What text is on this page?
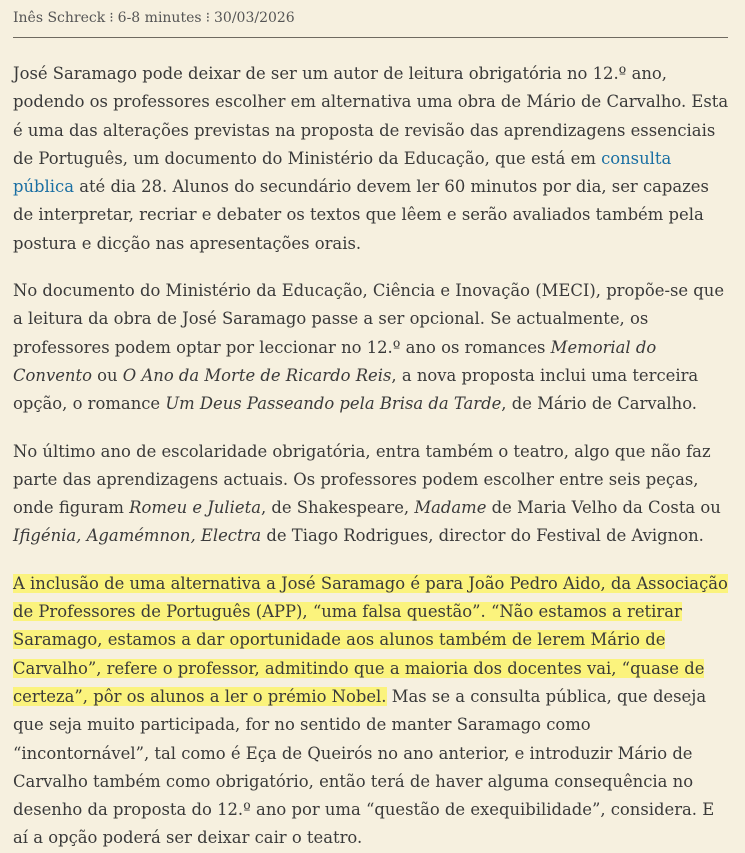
Inês Schreck ⁝ 6-8 minutes ⁝ 30/03/2026

José Saramago pode deixar de ser um autor de leitura obrigatória no 12.º ano, podendo os professores escolher em alternativa uma obra de Mário de Carvalho. Esta é uma das alterações previstas na proposta de revisão das aprendizagens essenciais de Português, um documento do Ministério da Educação, que está em consulta pública até dia 28. Alunos do secundário devem ler 60 minutos por dia, ser capazes de interpretar, recriar e debater os textos que lêem e serão avaliados também pela postura e dicção nas apresentações orais.

No documento do Ministério da Educação, Ciência e Inovação (MECI), propõe-se que a leitura da obra de José Saramago passe a ser opcional. Se actualmente, os professores podem optar por leccionar no 12.º ano os romances Memorial do Convento ou O Ano da Morte de Ricardo Reis, a nova proposta inclui uma terceira opção, o romance Um Deus Passeando pela Brisa da Tarde, de Mário de Carvalho.

No último ano de escolaridade obrigatória, entra também o teatro, algo que não faz parte das aprendizagens actuais. Os professores podem escolher entre seis peças, onde figuram Romeu e Julieta, de Shakespeare, Madame de Maria Velho da Costa ou Ifigénia, Agamémnon, Electra de Tiago Rodrigues, director do Festival de Avignon.

A inclusão de uma alternativa a José Saramago é para João Pedro Aido, da Associação de Professores de Português (APP), “uma falsa questão”. “Não estamos a retirar Saramago, estamos a dar oportunidade aos alunos também de lerem Mário de Carvalho”, refere o professor, admitindo que a maioria dos docentes vai, “quase de certeza”, pôr os alunos a ler o prémio Nobel. Mas se a consulta pública, que deseja que seja muito participada, for no sentido de manter Saramago como “incontornável”, tal como é Eça de Queirós no ano anterior, e introduzir Mário de Carvalho também como obrigatório, então terá de haver alguma consequência no desenho da proposta do 12.º ano por uma “questão de exequibilidade”, considera. E aí a opção poderá ser deixar cair o teatro.
